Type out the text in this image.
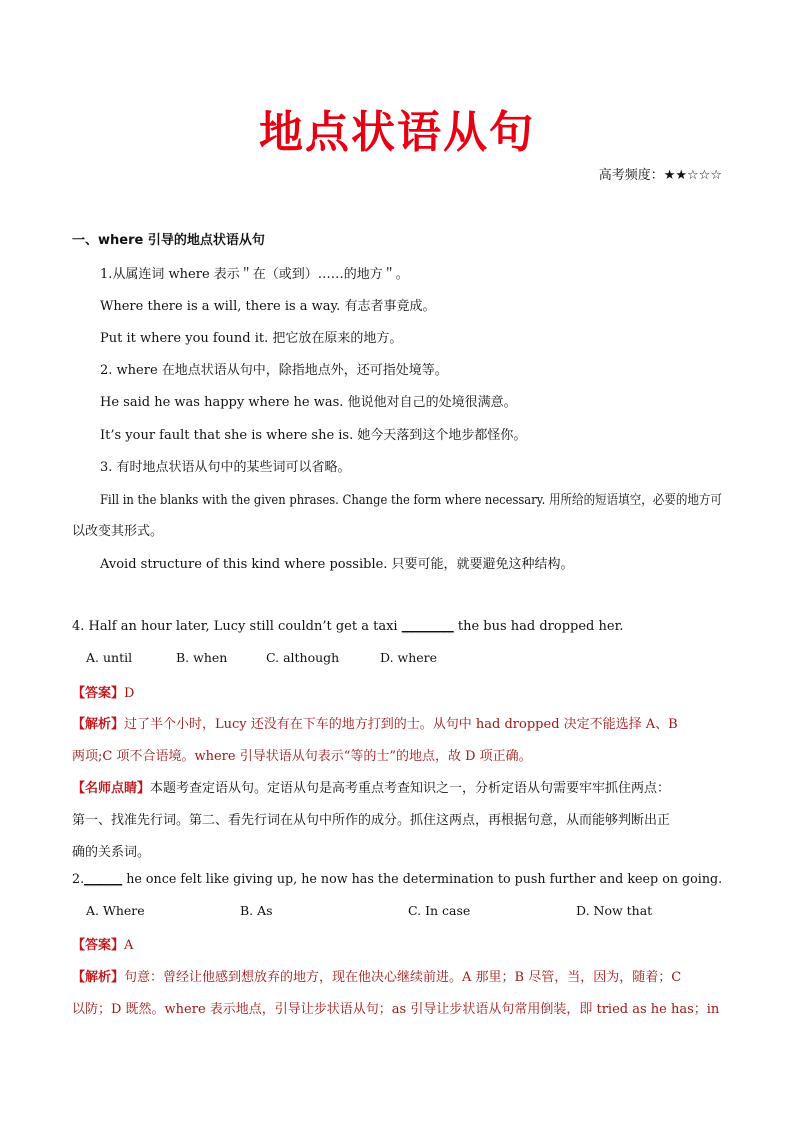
地点状语从句
高考频度：★★☆☆☆
一、where 引导的地点状语从句
1.从属连词 where 表示＂在（或到）……的地方＂。
Where there is a will, there is a way. 有志者事竟成。
Put it where you found it. 把它放在原来的地方。
2. where 在地点状语从句中，除指地点外，还可指处境等。
He said he was happy where he was. 他说他对自己的处境很满意。
It’s your fault that she is where she is. 她今天落到这个地步都怪你。
3. 有时地点状语从句中的某些词可以省略。
Fill in the blanks with the given phrases. Change the form where necessary. 用所给的短语填空，必要的地方可
以改变其形式。
Avoid structure of this kind where possible. 只要可能，就要避免这种结构。
4. Half an hour later, Lucy still couldn’t get a taxi ________ the bus had dropped her.
A. until	B. when	C. although	D. where
【答案】D
【解析】过了半个小时，Lucy 还没有在下车的地方打到的士。从句中 had dropped 决定不能选择 A、B
两项;C 项不合语境。where 引导状语从句表示“等的士”的地点，故 D 项正确。
【名师点睛】本题考查定语从句。定语从句是高考重点考查知识之一，分析定语从句需要牢牢抓住两点：
第一、找准先行词。第二、看先行词在从句中所作的成分。抓住这两点，再根据句意，从而能够判断出正
确的关系词。
2.______ he once felt like giving up, he now has the determination to push further and keep on going.
A. Where	B. As	C. In case	D. Now that
【答案】A
【解析】句意：曾经让他感到想放弃的地方，现在他决心继续前进。A 那里；B 尽管，当，因为，随着；C
以防；D 既然。where 表示地点，引导让步状语从句；as 引导让步状语从句常用倒装，即 tried as he has；in
